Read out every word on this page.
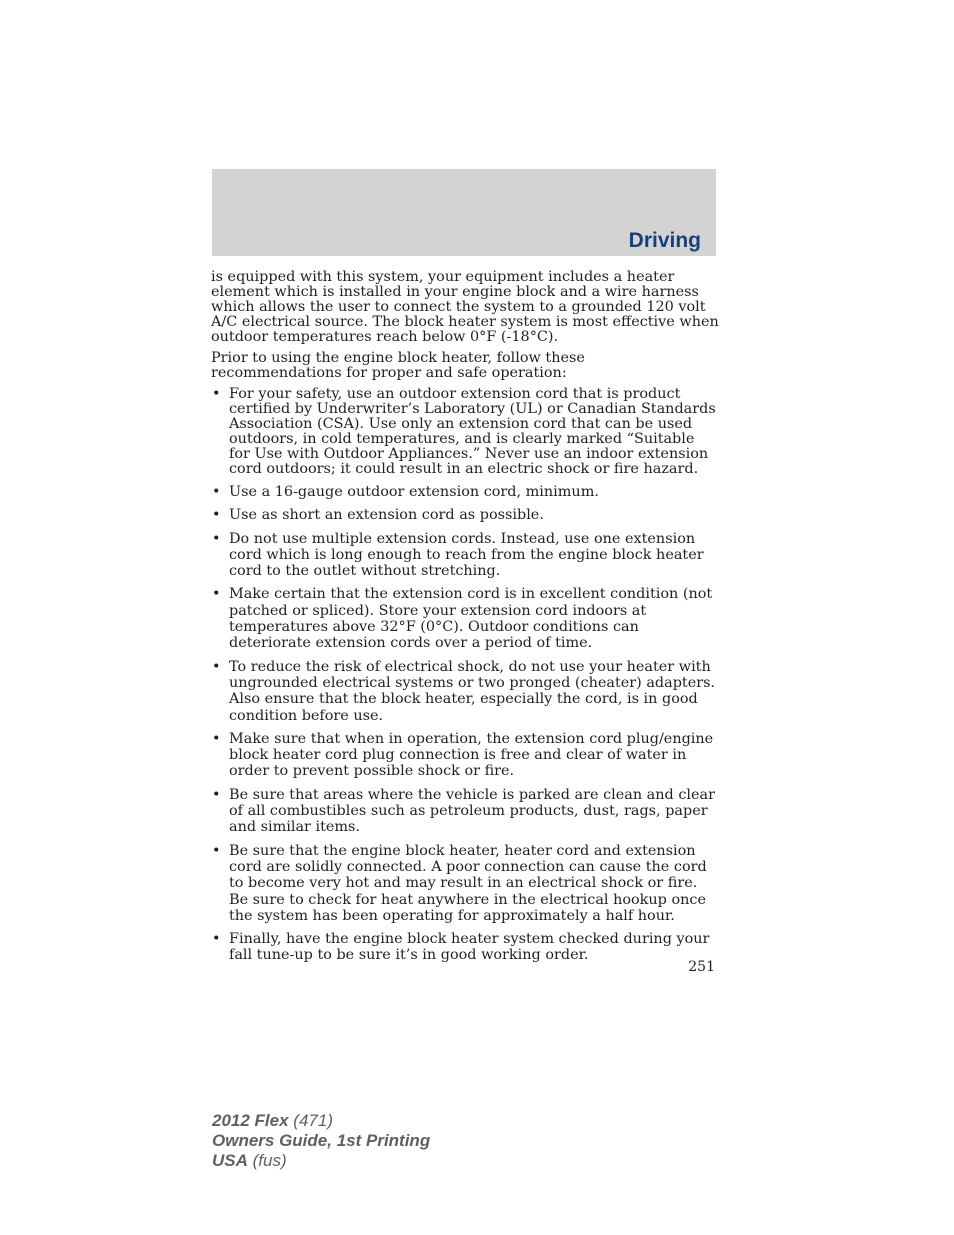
Driving

is equipped with this system, your equipment includes a heater element which is installed in your engine block and a wire harness which allows the user to connect the system to a grounded 120 volt A/C electrical source. The block heater system is most effective when outdoor temperatures reach below 0°F (-18°C).

Prior to using the engine block heater, follow these recommendations for proper and safe operation:

• For your safety, use an outdoor extension cord that is product certified by Underwriter’s Laboratory (UL) or Canadian Standards Association (CSA). Use only an extension cord that can be used outdoors, in cold temperatures, and is clearly marked “Suitable for Use with Outdoor Appliances.” Never use an indoor extension cord outdoors; it could result in an electric shock or fire hazard.
• Use a 16-gauge outdoor extension cord, minimum.
• Use as short an extension cord as possible.
• Do not use multiple extension cords. Instead, use one extension cord which is long enough to reach from the engine block heater cord to the outlet without stretching.
• Make certain that the extension cord is in excellent condition (not patched or spliced). Store your extension cord indoors at temperatures above 32°F (0°C). Outdoor conditions can deteriorate extension cords over a period of time.
• To reduce the risk of electrical shock, do not use your heater with ungrounded electrical systems or two pronged (cheater) adapters. Also ensure that the block heater, especially the cord, is in good condition before use.
• Make sure that when in operation, the extension cord plug/engine block heater cord plug connection is free and clear of water in order to prevent possible shock or fire.
• Be sure that areas where the vehicle is parked are clean and clear of all combustibles such as petroleum products, dust, rags, paper and similar items.
• Be sure that the engine block heater, heater cord and extension cord are solidly connected. A poor connection can cause the cord to become very hot and may result in an electrical shock or fire. Be sure to check for heat anywhere in the electrical hookup once the system has been operating for approximately a half hour.
• Finally, have the engine block heater system checked during your fall tune-up to be sure it’s in good working order.
251
2012 Flex (471)
Owners Guide, 1st Printing
USA (fus)
